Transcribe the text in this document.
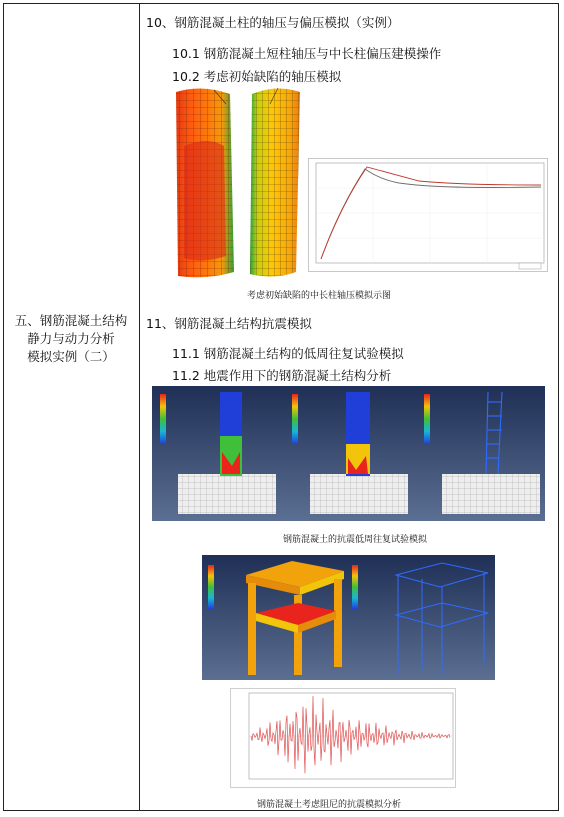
五、钢筋混凝土结构
静力与动力分析
模拟实例（二）
10、钢筋混凝土柱的轴压与偏压模拟（实例）
10.1 钢筋混凝土短柱轴压与中长柱偏压建模操作
10.2 考虑初始缺陷的轴压模拟
考虑初始缺陷的中长柱轴压模拟示图
11、钢筋混凝土结构抗震模拟
11.1 钢筋混凝土结构的低周往复试验模拟
11.2 地震作用下的钢筋混凝土结构分析
钢筋混凝土的抗震低周往复试验模拟
钢筋混凝土考虑阻尼的抗震模拟分析
